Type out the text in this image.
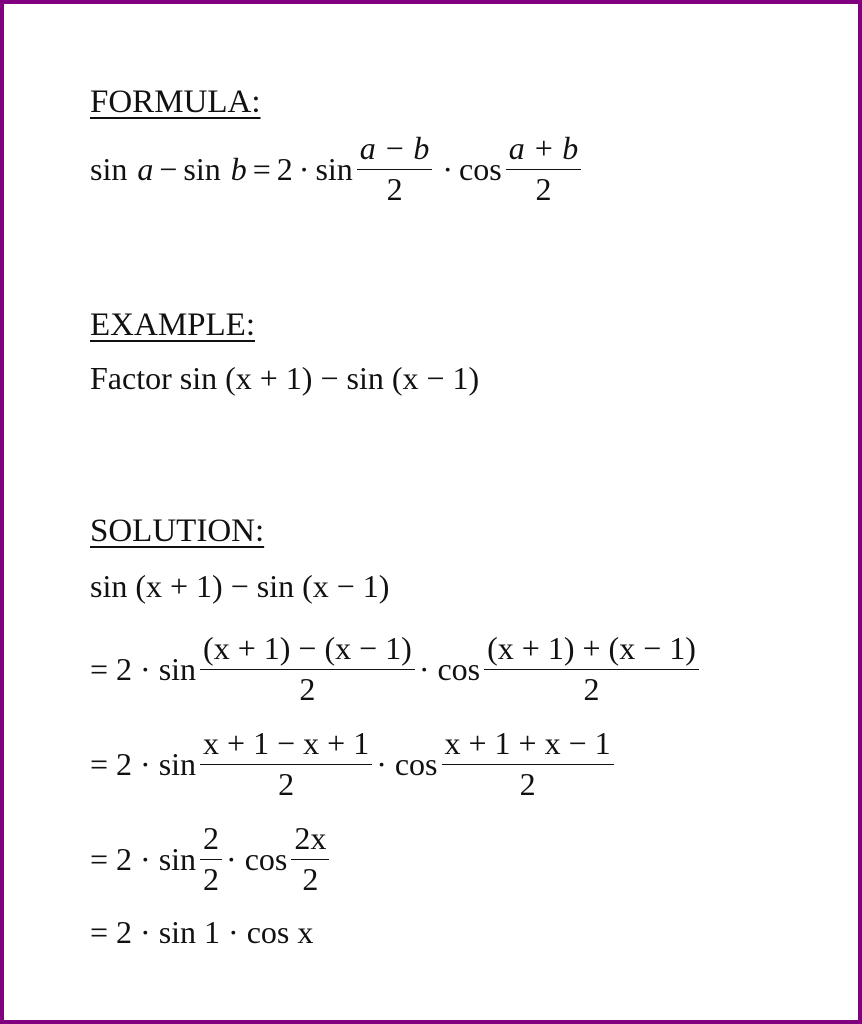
FORMULA:
$\sin a - \sin b = 2 \cdot \sin \frac{a - b}{2} \cdot \cos \frac{a + b}{2}$
EXAMPLE:
Factor sin (x + 1) − sin (x − 1)
SOLUTION:
sin (x + 1) − sin (x − 1)
= $2 \cdot \sin \frac{(x + 1) - (x - 1)}{2} \cdot \cos \frac{(x + 1) + (x - 1)}{2}$
= $2 \cdot \sin \frac{x + 1 - x + 1}{2} \cdot \cos \frac{x + 1 + x - 1}{2}$
= $2 \cdot \sin \frac{2}{2} \cdot \cos \frac{2x}{2}$
= 2 · sin 1 · cos x
